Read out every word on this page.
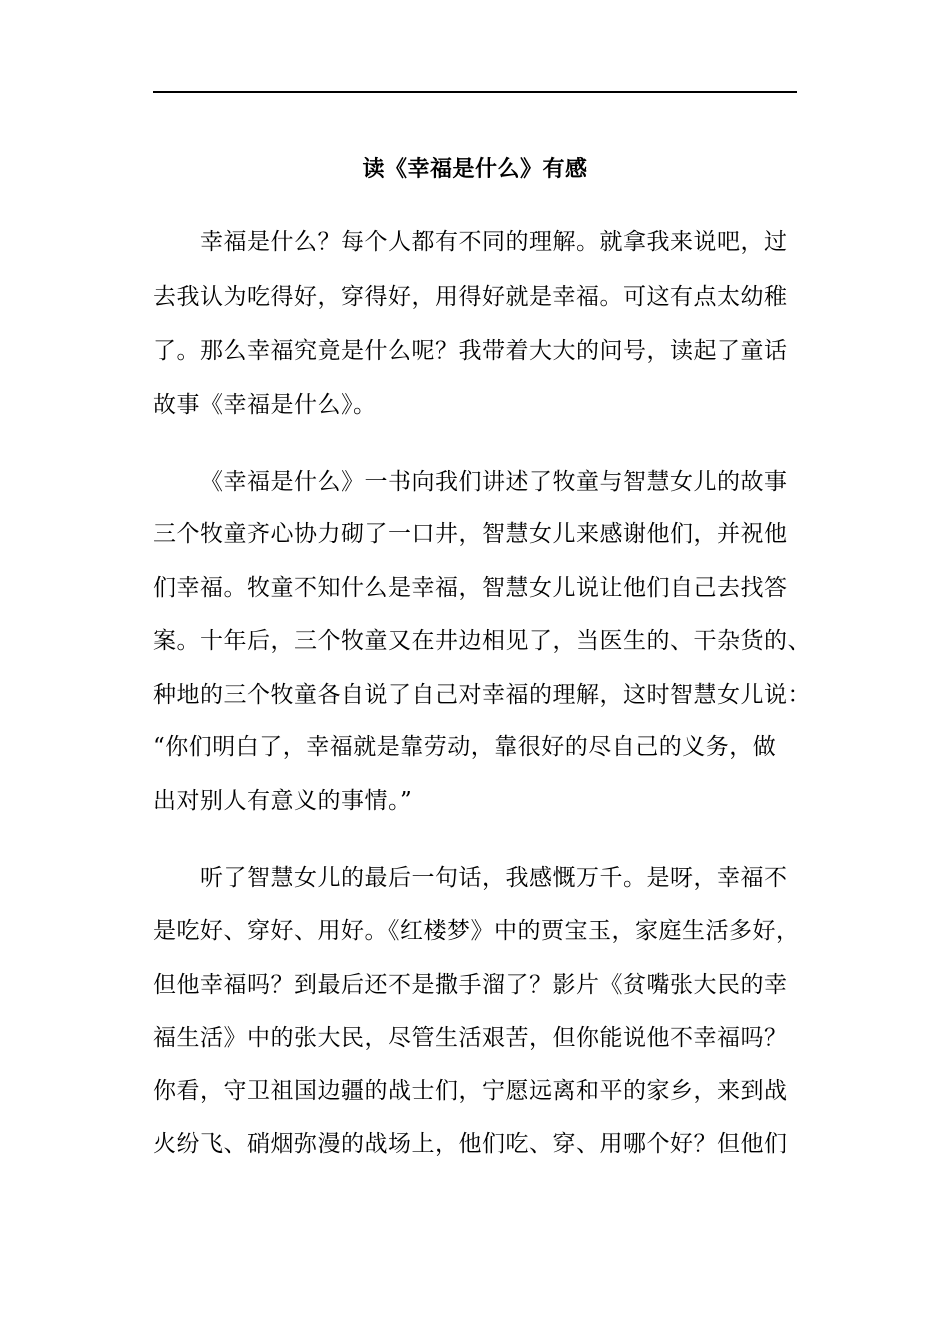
读《幸福是什么》有感
幸福是什么？每个人都有不同的理解。就拿我来说吧，过
去我认为吃得好，穿得好，用得好就是幸福。可这有点太幼稚
了。那么幸福究竟是什么呢？我带着大大的问号，读起了童话
故事《幸福是什么》。
《幸福是什么》一书向我们讲述了牧童与智慧女儿的故事
三个牧童齐心协力砌了一口井，智慧女儿来感谢他们，并祝他
们幸福。牧童不知什么是幸福，智慧女儿说让他们自己去找答
案。十年后，三个牧童又在井边相见了，当医生的、干杂货的、
种地的三个牧童各自说了自己对幸福的理解，这时智慧女儿说：
“你们明白了，幸福就是靠劳动，靠很好的尽自己的义务，做
出对别人有意义的事情。”
听了智慧女儿的最后一句话，我感慨万千。是呀，幸福不
是吃好、穿好、用好。《红楼梦》中的贾宝玉，家庭生活多好，
但他幸福吗？到最后还不是撒手溜了？影片《贫嘴张大民的幸
福生活》中的张大民，尽管生活艰苦，但你能说他不幸福吗？
你看，守卫祖国边疆的战士们，宁愿远离和平的家乡，来到战
火纷飞、硝烟弥漫的战场上，他们吃、穿、用哪个好？但他们
